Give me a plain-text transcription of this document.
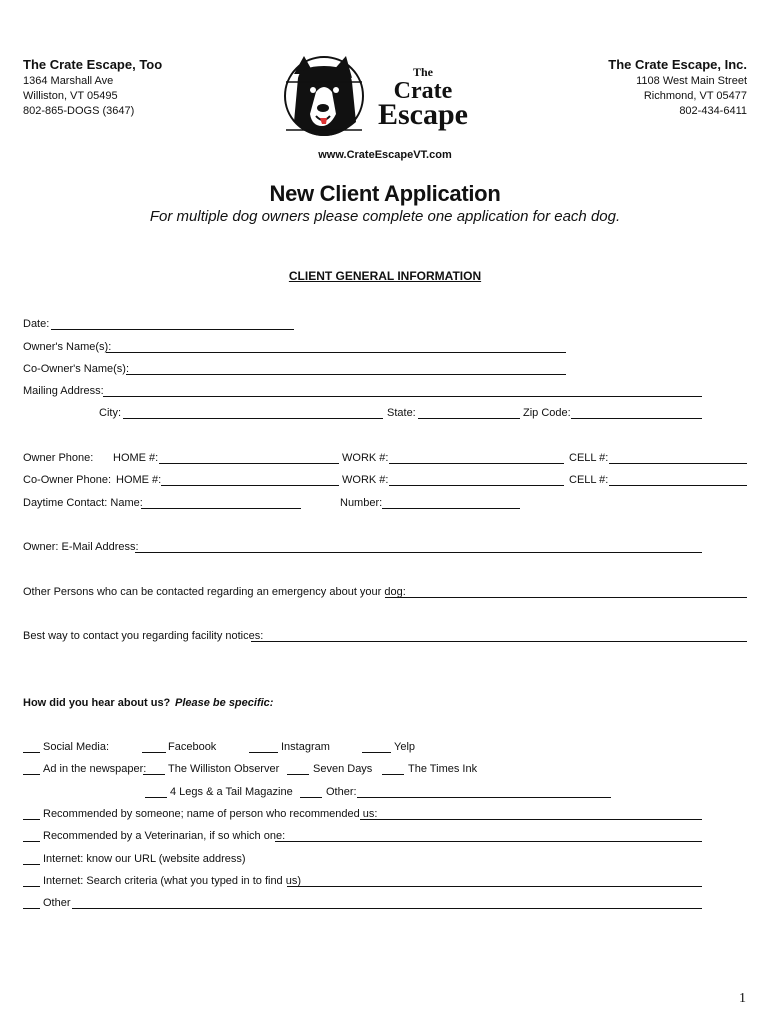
The Crate Escape, Too
1364 Marshall Ave
Williston, VT 05495
802-865-DOGS (3647)
The Crate Escape, Inc.
1108 West Main Street
Richmond, VT 05477
802-434-6411
The
Crate
Escape
www.CrateEscapeVT.com
New Client Application
For multiple dog owners please complete one application for each dog.
CLIENT GENERAL INFORMATION
Date:
Owner's Name(s):
Co-Owner's Name(s):
Mailing Address:
City:	State:	Zip Code:
Owner Phone: HOME #:	WORK #:	CELL #:
Co-Owner Phone: HOME #:	WORK #:	CELL #:
Daytime Contact: Name:	Number:
Owner: E-Mail Address:
Other Persons who can be contacted regarding an emergency about your dog:
Best way to contact you regarding facility notices:
How did you hear about us? Please be specific:
Social Media:	Facebook	Instagram	Yelp
Ad in the newspaper: The Williston Observer	Seven Days	The Times Ink
4 Legs & a Tail Magazine	Other:
Recommended by someone; name of person who recommended us:
Recommended by a Veterinarian, if so which one:
Internet: know our URL (website address)
Internet: Search criteria (what you typed in to find us)
Other
1
